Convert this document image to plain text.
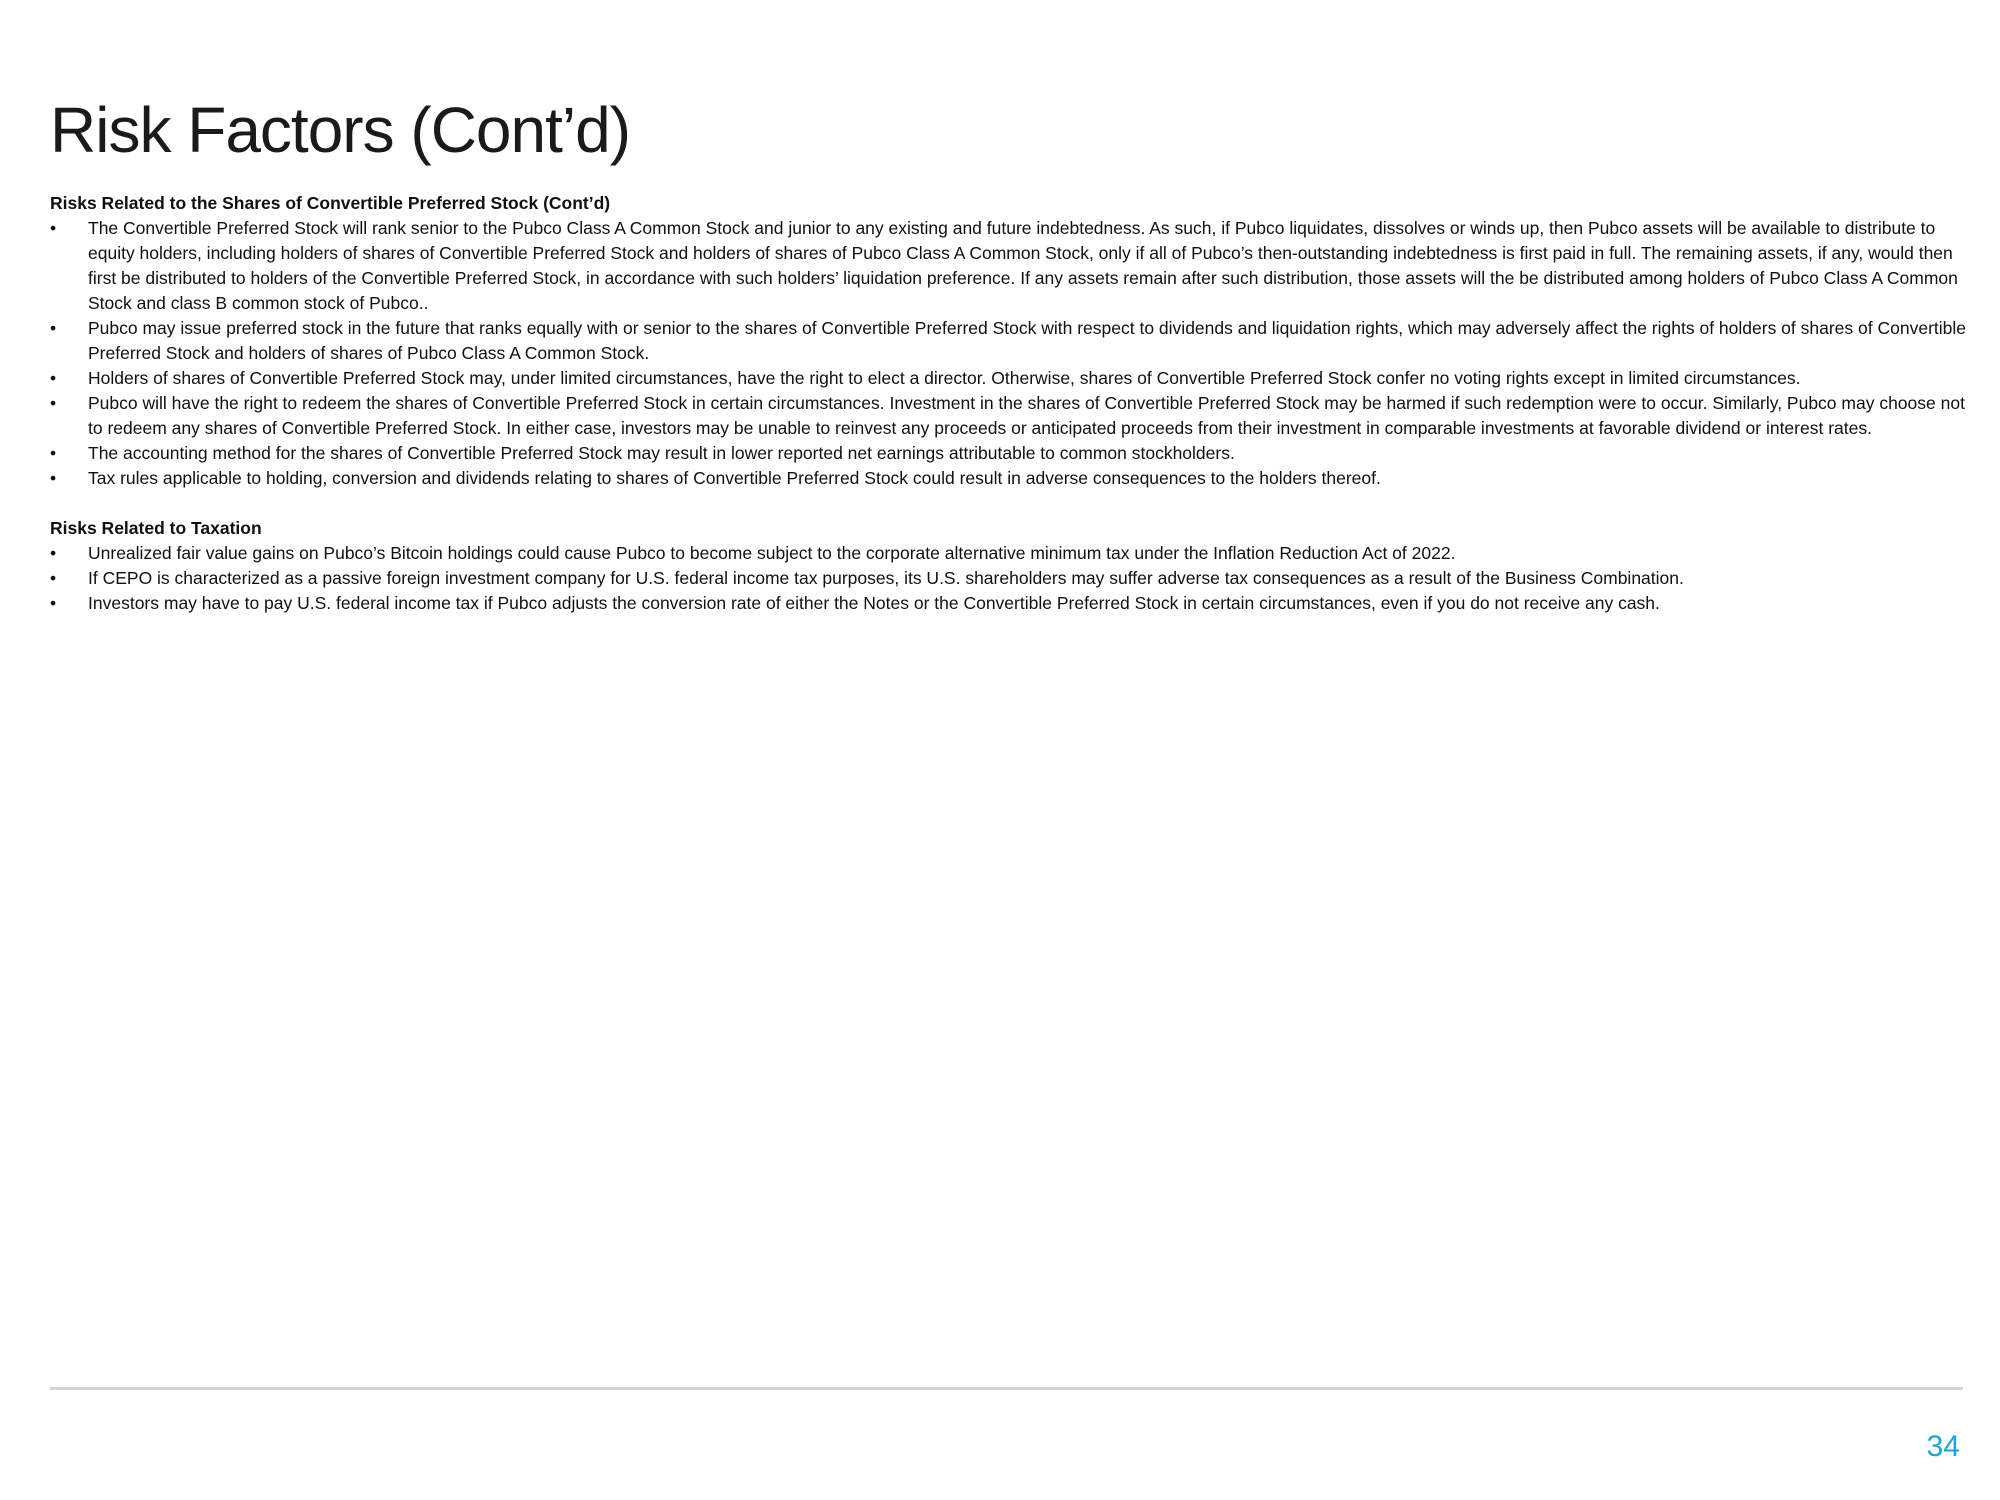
Risk Factors (Cont’d)

Risks Related to the Shares of Convertible Preferred Stock (Cont’d)

•	The Convertible Preferred Stock will rank senior to the Pubco Class A Common Stock and junior to any existing and future indebtedness. As such, if Pubco liquidates, dissolves or winds up, then Pubco assets will be available to distribute to equity holders, including holders of shares of Convertible Preferred Stock and holders of shares of Pubco Class A Common Stock, only if all of Pubco’s then-outstanding indebtedness is first paid in full. The remaining assets, if any, would then first be distributed to holders of the Convertible Preferred Stock, in accordance with such holders’ liquidation preference. If any assets remain after such distribution, those assets will the be distributed among holders of Pubco Class A Common Stock and class B common stock of Pubco..
•	Pubco may issue preferred stock in the future that ranks equally with or senior to the shares of Convertible Preferred Stock with respect to dividends and liquidation rights, which may adversely affect the rights of holders of shares of Convertible Preferred Stock and holders of shares of Pubco Class A Common Stock.
•	Holders of shares of Convertible Preferred Stock may, under limited circumstances, have the right to elect a director. Otherwise, shares of Convertible Preferred Stock confer no voting rights except in limited circumstances.
•	Pubco will have the right to redeem the shares of Convertible Preferred Stock in certain circumstances. Investment in the shares of Convertible Preferred Stock may be harmed if such redemption were to occur. Similarly, Pubco may choose not to redeem any shares of Convertible Preferred Stock. In either case, investors may be unable to reinvest any proceeds or anticipated proceeds from their investment in comparable investments at favorable dividend or interest rates.
•	The accounting method for the shares of Convertible Preferred Stock may result in lower reported net earnings attributable to common stockholders.
•	Tax rules applicable to holding, conversion and dividends relating to shares of Convertible Preferred Stock could result in adverse consequences to the holders thereof.

Risks Related to Taxation

•	Unrealized fair value gains on Pubco’s Bitcoin holdings could cause Pubco to become subject to the corporate alternative minimum tax under the Inflation Reduction Act of 2022.
•	If CEPO is characterized as a passive foreign investment company for U.S. federal income tax purposes, its U.S. shareholders may suffer adverse tax consequences as a result of the Business Combination.
•	Investors may have to pay U.S. federal income tax if Pubco adjusts the conversion rate of either the Notes or the Convertible Preferred Stock in certain circumstances, even if you do not receive any cash.
34
